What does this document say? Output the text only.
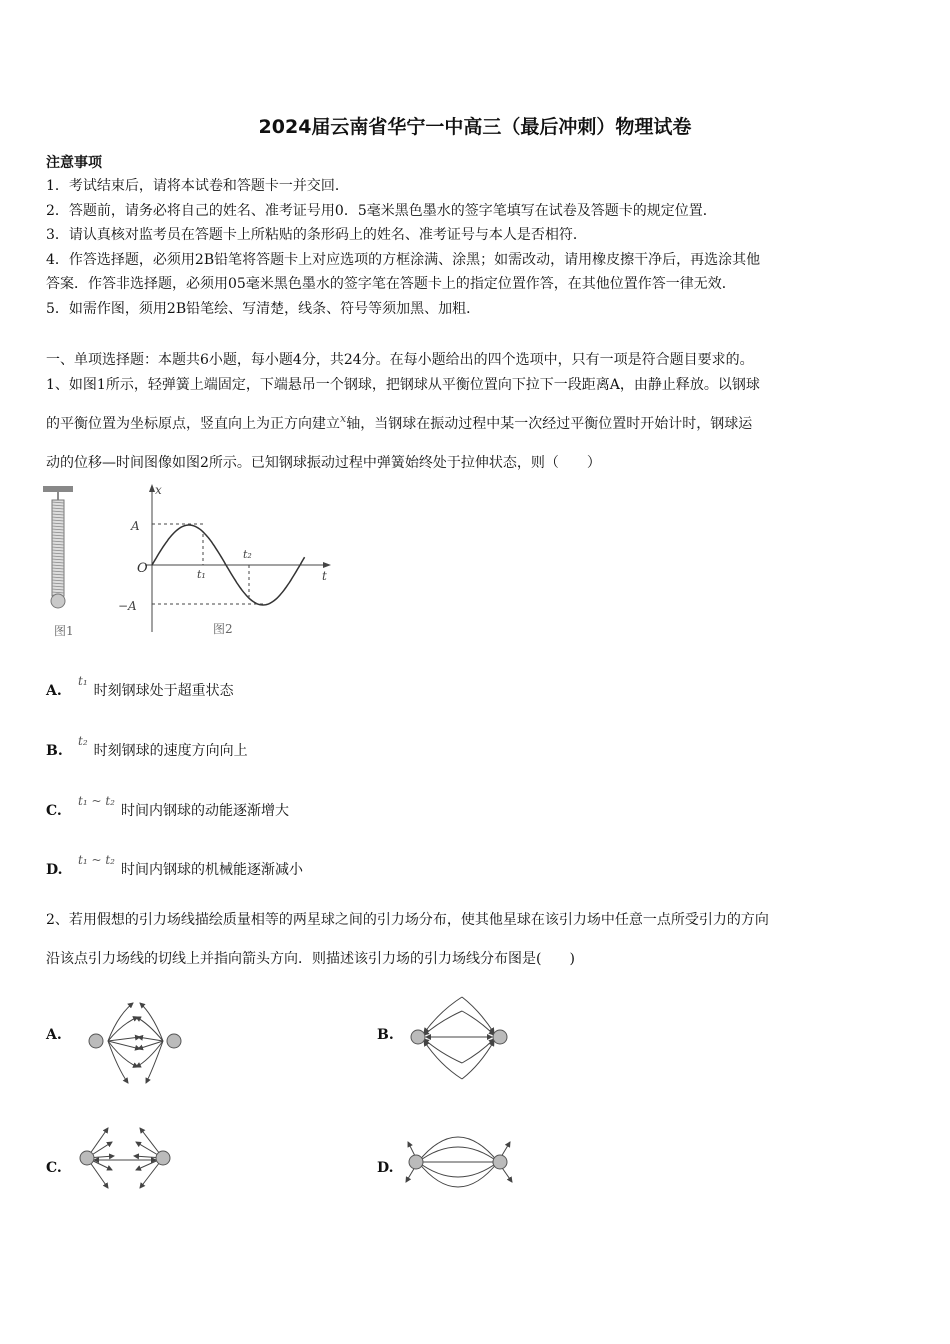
2024届云南省华宁一中高三（最后冲刺）物理试卷
注意事项
1．考试结束后，请将本试卷和答题卡一并交回．
2．答题前，请务必将自己的姓名、准考证号用0．5毫米黑色墨水的签字笔填写在试卷及答题卡的规定位置．
3．请认真核对监考员在答题卡上所粘贴的条形码上的姓名、准考证号与本人是否相符．
4．作答选择题，必须用2B铅笔将答题卡上对应选项的方框涂满、涂黑；如需改动，请用橡皮擦干净后，再选涂其他
答案．作答非选择题，必须用05毫米黑色墨水的签字笔在答题卡上的指定位置作答，在其他位置作答一律无效．
5．如需作图，须用2B铅笔绘、写清楚，线条、符号等须加黑、加粗．
一、单项选择题：本题共6小题，每小题4分，共24分。在每小题给出的四个选项中，只有一项是符合题目要求的。
1、如图1所示，轻弹簧上端固定，下端悬吊一个钢球，把钢球从平衡位置向下拉下一段距离A，由静止释放。以钢球
的平衡位置为坐标原点，竖直向上为正方向建立$^x$轴，当钢球在振动过程中某一次经过平衡位置时开始计时，钢球运
动的位移—时间图像如图2所示。已知钢球振动过程中弹簧始终处于拉伸状态，则（　　）
图1
x
t
O
A
−A
t₁
t₂
图2
A.
t₁
时刻钢球处于超重状态
B.
t₂
时刻钢球的速度方向向上
C.
t₁ ~ t₂
时间内钢球的动能逐渐增大
D.
t₁ ~ t₂
时间内钢球的机械能逐渐减小
2、若用假想的引力场线描绘质量相等的两星球之间的引力场分布，使其他星球在该引力场中任意一点所受引力的方向
沿该点引力场线的切线上并指向箭头方向．则描述该引力场的引力场线分布图是(　　)
A.	B.
C.	D.
